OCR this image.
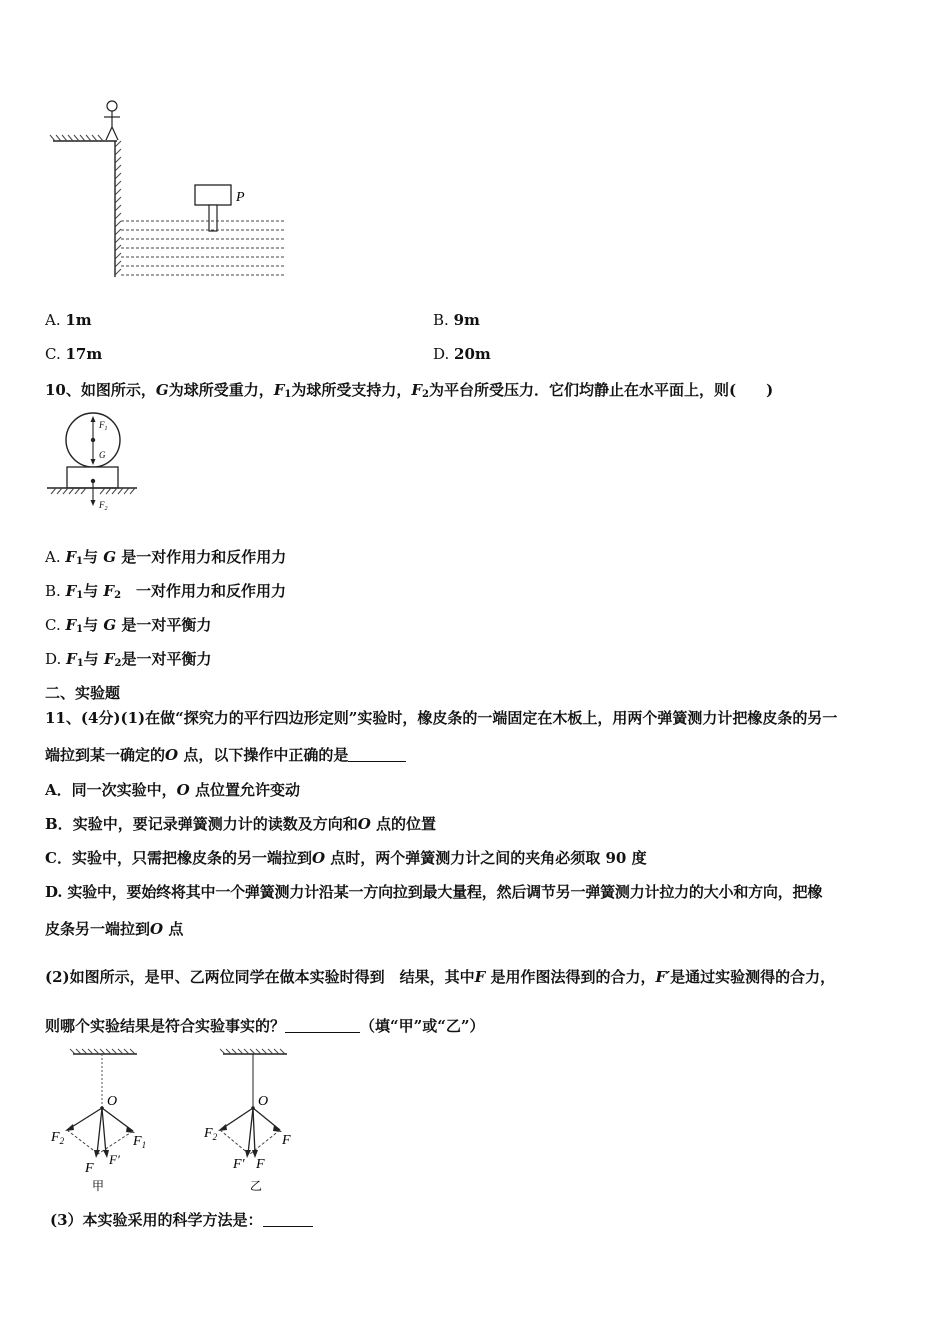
P
A. 1m	B. 9m
C. 17m	D. 20m
10、如图所示，G为球所受重力，$F_1$为球所受支持力，$F_2$为平台所受压力．它们均静止在水平面上，则(　　)
$F_1$
G
$F_2$
A. $F_1$与 G 是一对作用力和反作用力
B. $F_1$与 $F_2$　一对作用力和反作用力
C. $F_1$与 G 是一对平衡力
D. $F_1$与 $F_2$是一对平衡力
二、实验题
11、(4分)(1)在做“探究力的平行四边形定则”实验时，橡皮条的一端固定在木板上，用两个弹簧测力计把橡皮条的另一
端拉到某一确定的O 点，以下操作中正确的是
A．同一次实验中，O 点位置允许变动
B．实验中，要记录弹簧测力计的读数及方向和O 点的位置
C．实验中，只需把橡皮条的另一端拉到O 点时，两个弹簧测力计之间的夹角必须取 90 度
D. 实验中，要始终将其中一个弹簧测力计沿某一方向拉到最大量程，然后调节另一弹簧测力计拉力的大小和方向，把橡
皮条另一端拉到O 点
(2)如图所示，是甲、乙两位同学在做本实验时得到　结果，其中F 是用作图法得到的合力，F′是通过实验测得的合力，
则哪个实验结果是符合实验事实的？	（填“甲”或“乙”）
O
$F_2$	$F_1$
F
F′
甲
O
$F_2$	F
F′ F
乙
(3）本实验采用的科学方法是：
